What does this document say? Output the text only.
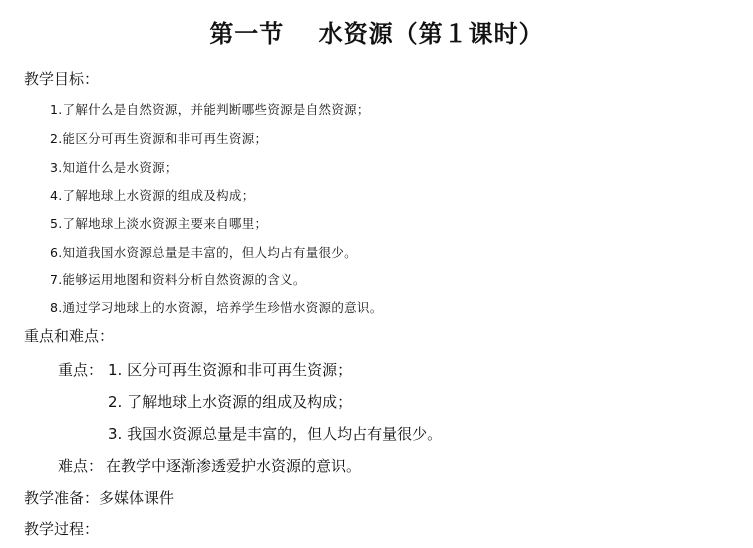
第一节　 水资源（第１课时）
教学目标：
1.了解什么是自然资源，并能判断哪些资源是自然资源；
2.能区分可再生资源和非可再生资源；
3.知道什么是水资源；
4.了解地球上水资源的组成及构成；
5.了解地球上淡水资源主要来自哪里；
6.知道我国水资源总量是丰富的，但人均占有量很少。
7.能够运用地图和资料分析自然资源的含义。
8.通过学习地球上的水资源，培养学生珍惜水资源的意识。
重点和难点：
重点： 1. 区分可再生资源和非可再生资源；
2. 了解地球上水资源的组成及构成；
3. 我国水资源总量是丰富的，但人均占有量很少。
难点： 在教学中逐渐渗透爱护水资源的意识。
教学准备：多媒体课件
教学过程：
